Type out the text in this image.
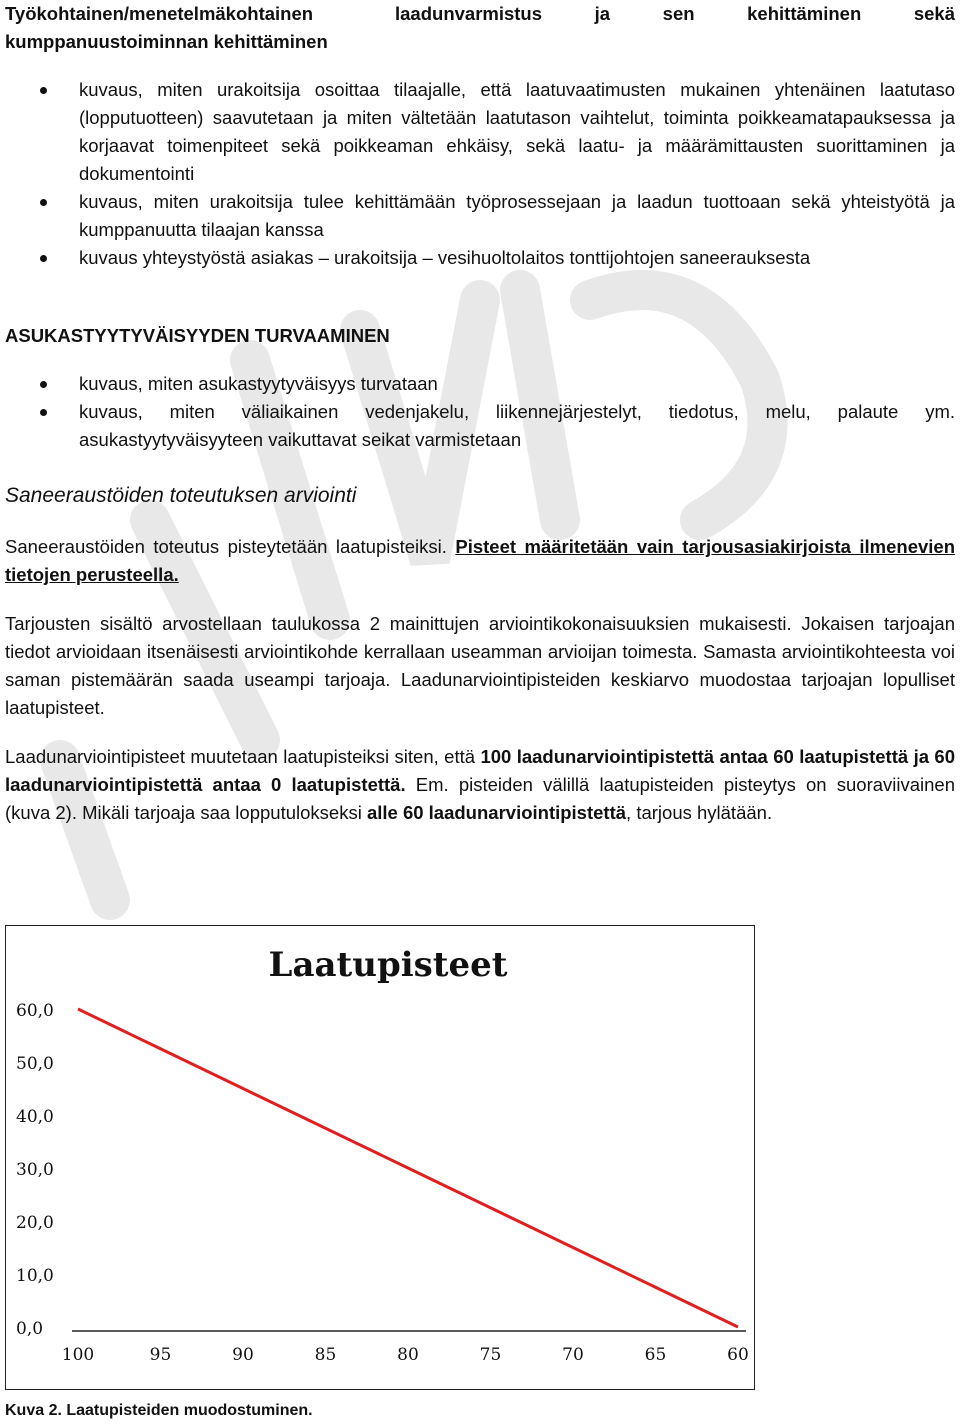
Työkohtainen/menetelmäkohtainen	laadunvarmistus	ja	sen	kehittäminen	sekä
kumppanuustoiminnan kehittäminen
kuvaus, miten urakoitsija osoittaa tilaajalle, että laatuvaatimusten mukainen yhtenäinen laatutaso (lopputuotteen) saavutetaan ja miten vältetään laatutason vaihtelut, toiminta poikkeamatapauksessa ja korjaavat toimenpiteet sekä poikkeaman ehkäisy, sekä laatu- ja määrämittausten suorittaminen ja dokumentointi
kuvaus, miten urakoitsija tulee kehittämään työprosessejaan ja laadun tuottoaan sekä yhteistyötä ja kumppanuutta tilaajan kanssa
kuvaus yhteystyöstä asiakas – urakoitsija – vesihuoltolaitos tonttijohtojen saneerauksesta
ASUKASTYYTYVÄISYYDEN TURVAAMINEN
kuvaus, miten asukastyytyväisyys turvataan
kuvaus, miten väliaikainen vedenjakelu, liikennejärjestelyt, tiedotus, melu, palaute ym. asukastyytyväisyyteen vaikuttavat seikat varmistetaan
Saneeraustöiden toteutuksen arviointi
Saneeraustöiden toteutus pisteytetään laatupisteiksi. Pisteet määritetään vain tarjousasiakirjoista ilmenevien tietojen perusteella.
Tarjousten sisältö arvostellaan taulukossa 2 mainittujen arviointikokonaisuuksien mukaisesti. Jokaisen tarjoajan tiedot arvioidaan itsenäisesti arviointikohde kerrallaan useamman arvioijan toimesta. Samasta arviointikohteesta voi saman pistemäärän saada useampi tarjoaja. Laadunarviointipisteiden keskiarvo muodostaa tarjoajan lopulliset laatupisteet.
Laadunarviointipisteet muutetaan laatupisteiksi siten, että 100 laadunarviointipistettä antaa 60 laatupistettä ja 60 laadunarviointipistettä antaa 0 laatupistettä. Em. pisteiden välillä laatupisteiden pisteytys on suoraviivainen (kuva 2). Mikäli tarjoaja saa lopputulokseksi alle 60 laadunarviointipistettä, tarjous hylätään.
Laatupisteet
60,0
50,0
40,0
30,0
20,0
10,0
0,0
100	95	90	85	80	75	70	65	60
Kuva 2. Laatupisteiden muodostuminen.
